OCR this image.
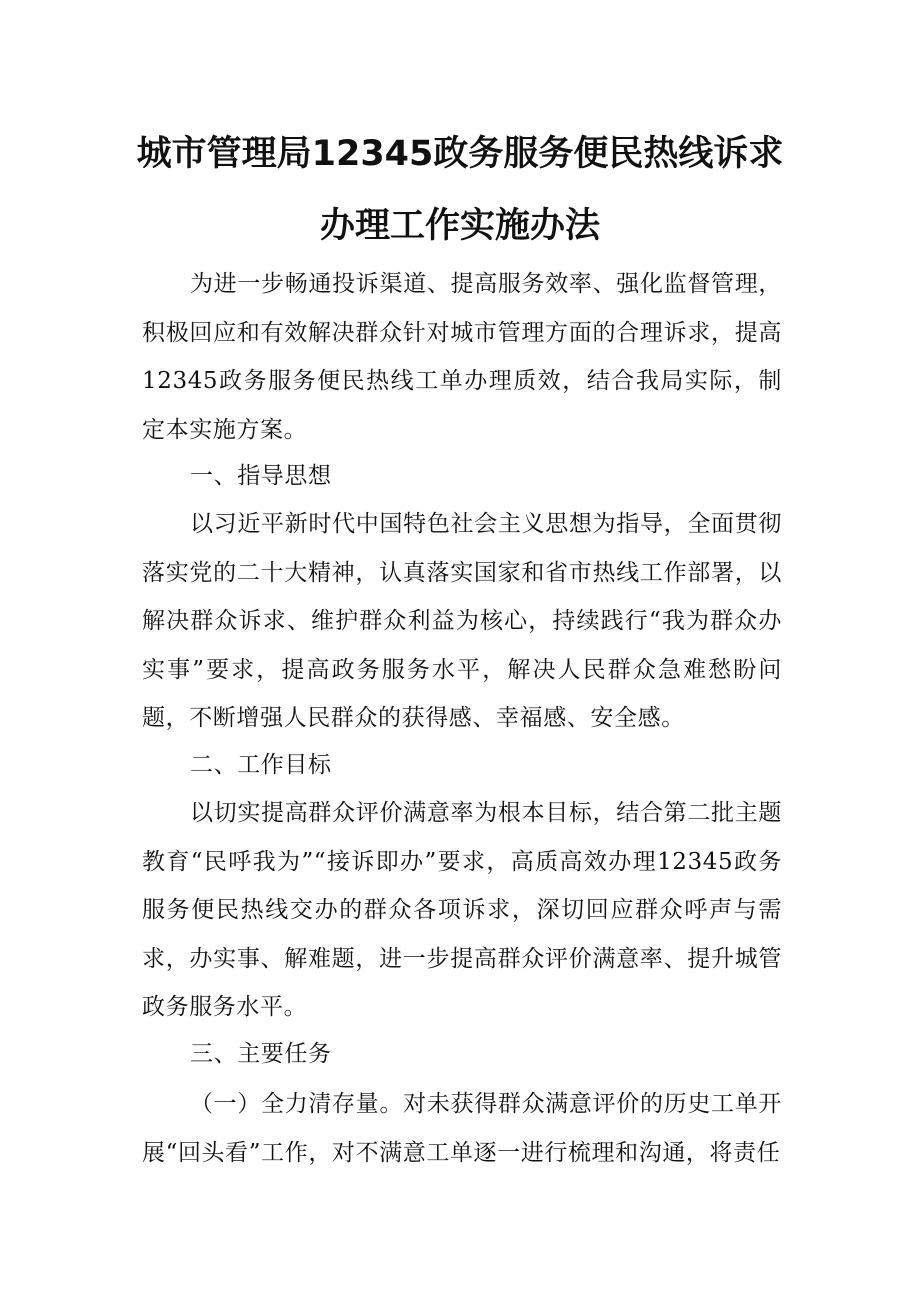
城市管理局12345政务服务便民热线诉求
办理工作实施办法

为进一步畅通投诉渠道、提高服务效率、强化监督管理，积极回应和有效解决群众针对城市管理方面的合理诉求，提高12345政务服务便民热线工单办理质效，结合我局实际，制定本实施方案。

一、指导思想

以习近平新时代中国特色社会主义思想为指导，全面贯彻落实党的二十大精神，认真落实国家和省市热线工作部署，以解决群众诉求、维护群众利益为核心，持续践行“我为群众办实事”要求，提高政务服务水平，解决人民群众急难愁盼问题，不断增强人民群众的获得感、幸福感、安全感。

二、工作目标

以切实提高群众评价满意率为根本目标，结合第二批主题教育“民呼我为”“接诉即办”要求，高质高效办理12345政务服务便民热线交办的群众各项诉求，深切回应群众呼声与需求，办实事、解难题，进一步提高群众评价满意率、提升城管政务服务水平。

三、主要任务

（一）全力清存量。对未获得群众满意评价的历史工单开展“回头看”工作，对不满意工单逐一进行梳理和沟通，将责任
